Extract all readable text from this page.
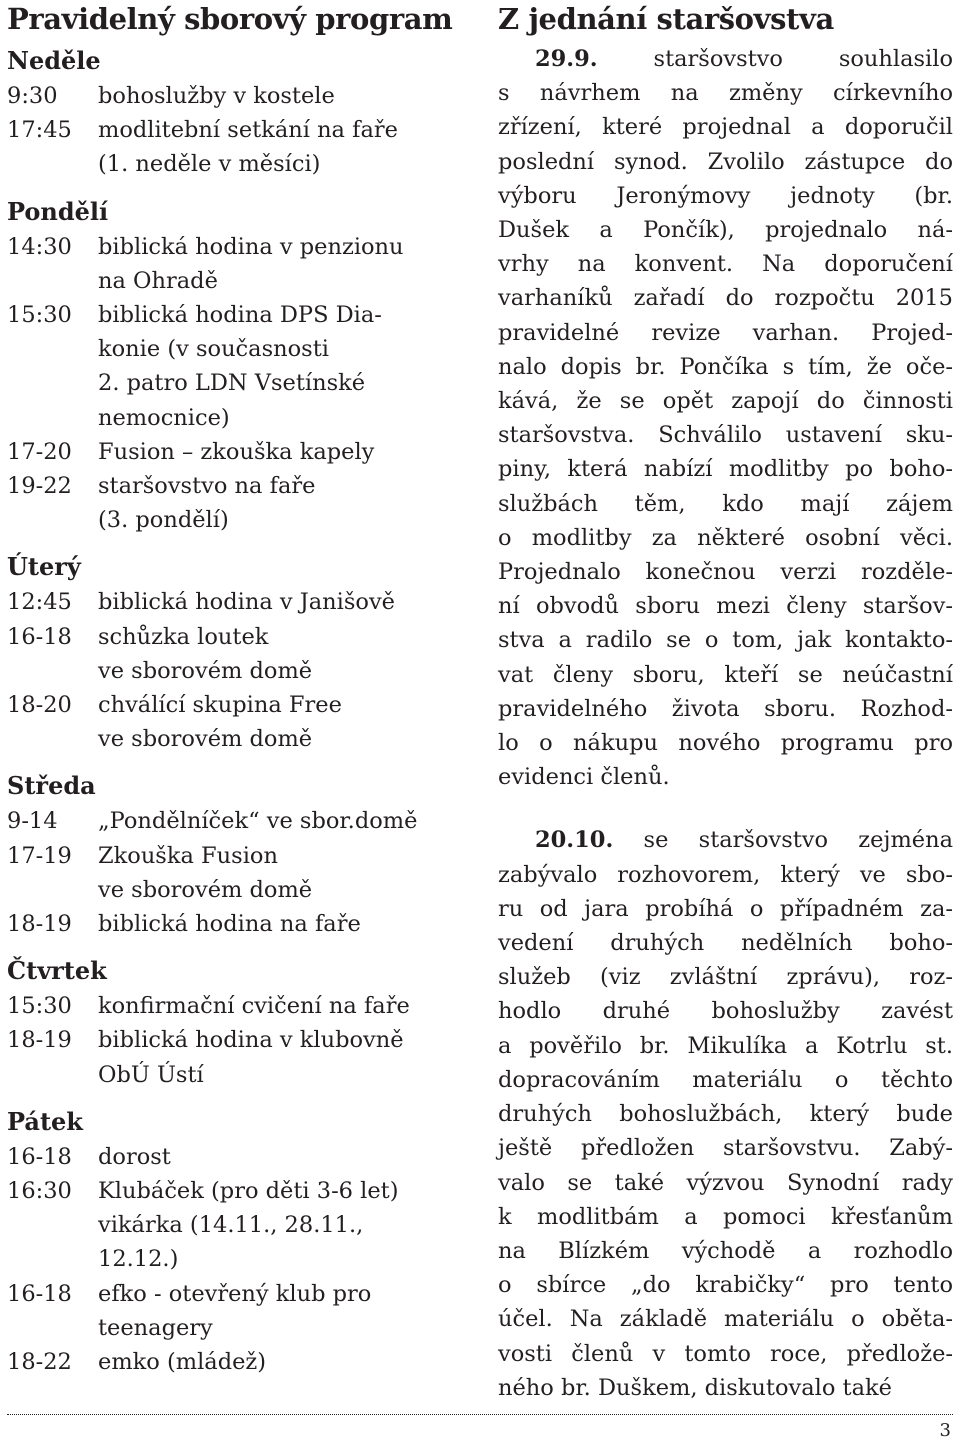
Pravidelný sborový program
Neděle
9:30	bohoslužby v kostele
17:45	modlitební setkání na faře
(1. neděle v měsíci)
Pondělí
14:30	biblická hodina v penzionu
na Ohradě
15:30	biblická hodina DPS Dia-
konie (v současnosti
2. patro LDN Vsetínské
nemocnice)
17-20	Fusion – zkouška kapely
19-22	staršovstvo na faře
(3. pondělí)
Úterý
12:45	biblická hodina v Janišově
16-18	schůzka loutek
ve sborovém domě
18-20	chválící skupina Free
ve sborovém domě
Středa
9-14	„Pondělníček“ ve sbor.domě
17-19	Zkouška Fusion
ve sborovém domě
18-19	biblická hodina na faře
Čtvrtek
15:30	konfirmační cvičení na faře
18-19	biblická hodina v klubovně
ObÚ Ústí
Pátek
16-18	dorost
16:30	Klubáček (pro děti 3-6 let)
vikárka (14.11., 28.11.,
12.12.)
16-18	efko - otevřený klub pro
teenagery
18-22	emko (mládež)
Z jednání staršovstva
29.9. staršovstvo souhlasilo
s návrhem na změny církevního
zřízení, které projednal a doporučil
poslední synod. Zvolilo zástupce do
výboru Jeronýmovy jednoty (br.
Dušek a Pončík), projednalo ná-
vrhy na konvent. Na doporučení
varhaníků zařadí do rozpočtu 2015
pravidelné revize varhan. Projed-
nalo dopis br. Pončíka s tím, že oče-
kává, že se opět zapojí do činnosti
staršovstva. Schválilo ustavení sku-
piny, která nabízí modlitby po boho-
službách těm, kdo mají zájem
o modlitby za některé osobní věci.
Projednalo konečnou verzi rozděle-
ní obvodů sboru mezi členy staršov-
stva a radilo se o tom, jak kontakto-
vat členy sboru, kteří se neúčastní
pravidelného života sboru. Rozhod-
lo o nákupu nového programu pro
evidenci členů.
20.10. se staršovstvo zejména
zabývalo rozhovorem, který ve sbo-
ru od jara probíhá o případném za-
vedení druhých nedělních boho-
služeb (viz zvláštní zprávu), roz-
hodlo druhé bohoslužby zavést
a pověřilo br. Mikulíka a Kotrlu st.
dopracováním materiálu o těchto
druhých bohoslužbách, který bude
ještě předložen staršovstvu. Zabý-
valo se také výzvou Synodní rady
k modlitbám a pomoci křesťanům
na Blízkém východě a rozhodlo
o sbírce „do krabičky“ pro tento
účel. Na základě materiálu o oběta-
vosti členů v tomto roce, předlože-
ného br. Duškem, diskutovalo také
3
